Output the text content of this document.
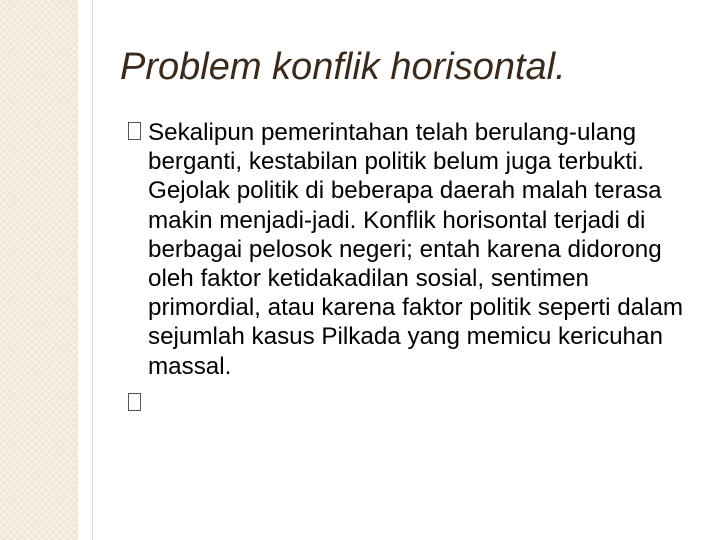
Problem konflik horisontal.
Sekalipun pemerintahan telah berulang-ulang berganti, kestabilan politik belum juga terbukti. Gejolak politik di beberapa daerah malah terasa makin menjadi-jadi. Konflik horisontal terjadi di berbagai pelosok negeri; entah karena didorong oleh faktor ketidakadilan sosial, sentimen primordial, atau karena faktor politik seperti dalam sejumlah kasus Pilkada yang memicu kericuhan massal.
